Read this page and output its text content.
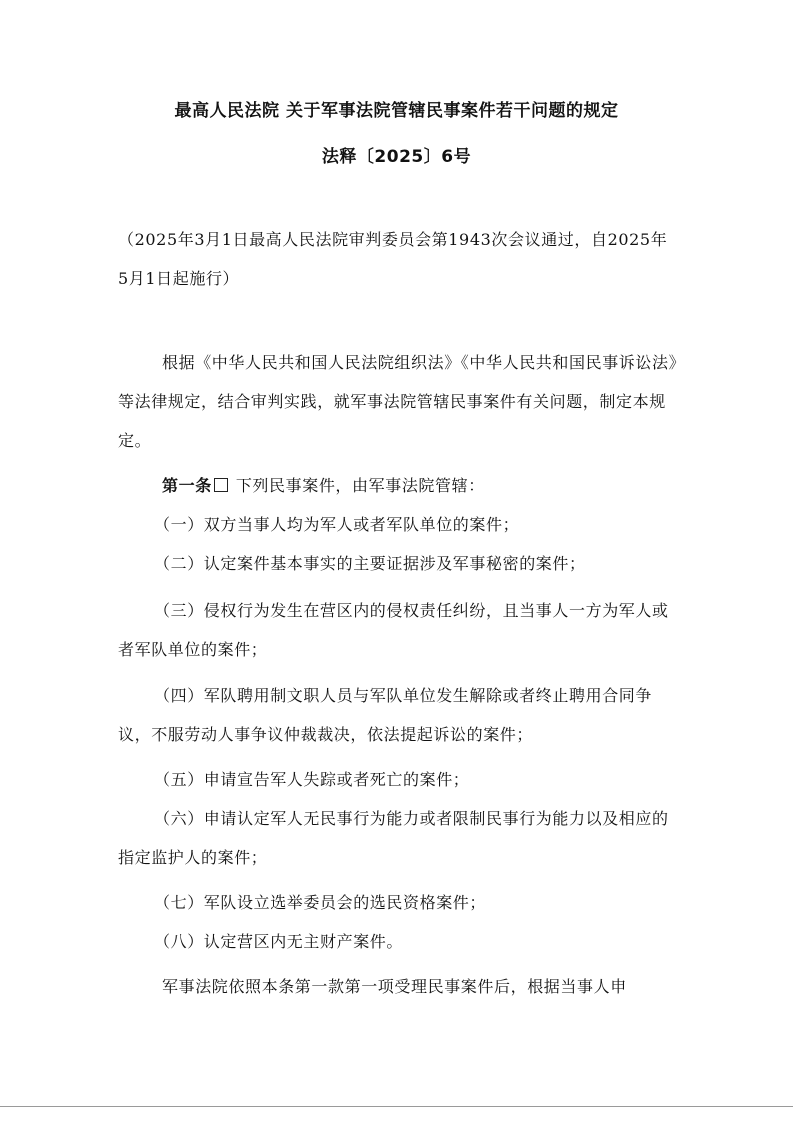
最高人民法院 关于军事法院管辖民事案件若干问题的规定
法释〔2025〕6号

（2025年3月1日最高人民法院审判委员会第1943次会议通过，自2025年5月1日起施行）

根据《中华人民共和国人民法院组织法》《中华人民共和国民事诉讼法》等法律规定，结合审判实践，就军事法院管辖民事案件有关问题，制定本规定。

第一条 下列民事案件，由军事法院管辖：

（一）双方当事人均为军人或者军队单位的案件；

（二）认定案件基本事实的主要证据涉及军事秘密的案件；

（三）侵权行为发生在营区内的侵权责任纠纷，且当事人一方为军人或者军队单位的案件；

（四）军队聘用制文职人员与军队单位发生解除或者终止聘用合同争议，不服劳动人事争议仲裁裁决，依法提起诉讼的案件；

（五）申请宣告军人失踪或者死亡的案件；

（六）申请认定军人无民事行为能力或者限制民事行为能力以及相应的指定监护人的案件；

（七）军队设立选举委员会的选民资格案件；

（八）认定营区内无主财产案件。

军事法院依照本条第一款第一项受理民事案件后，根据当事人申
